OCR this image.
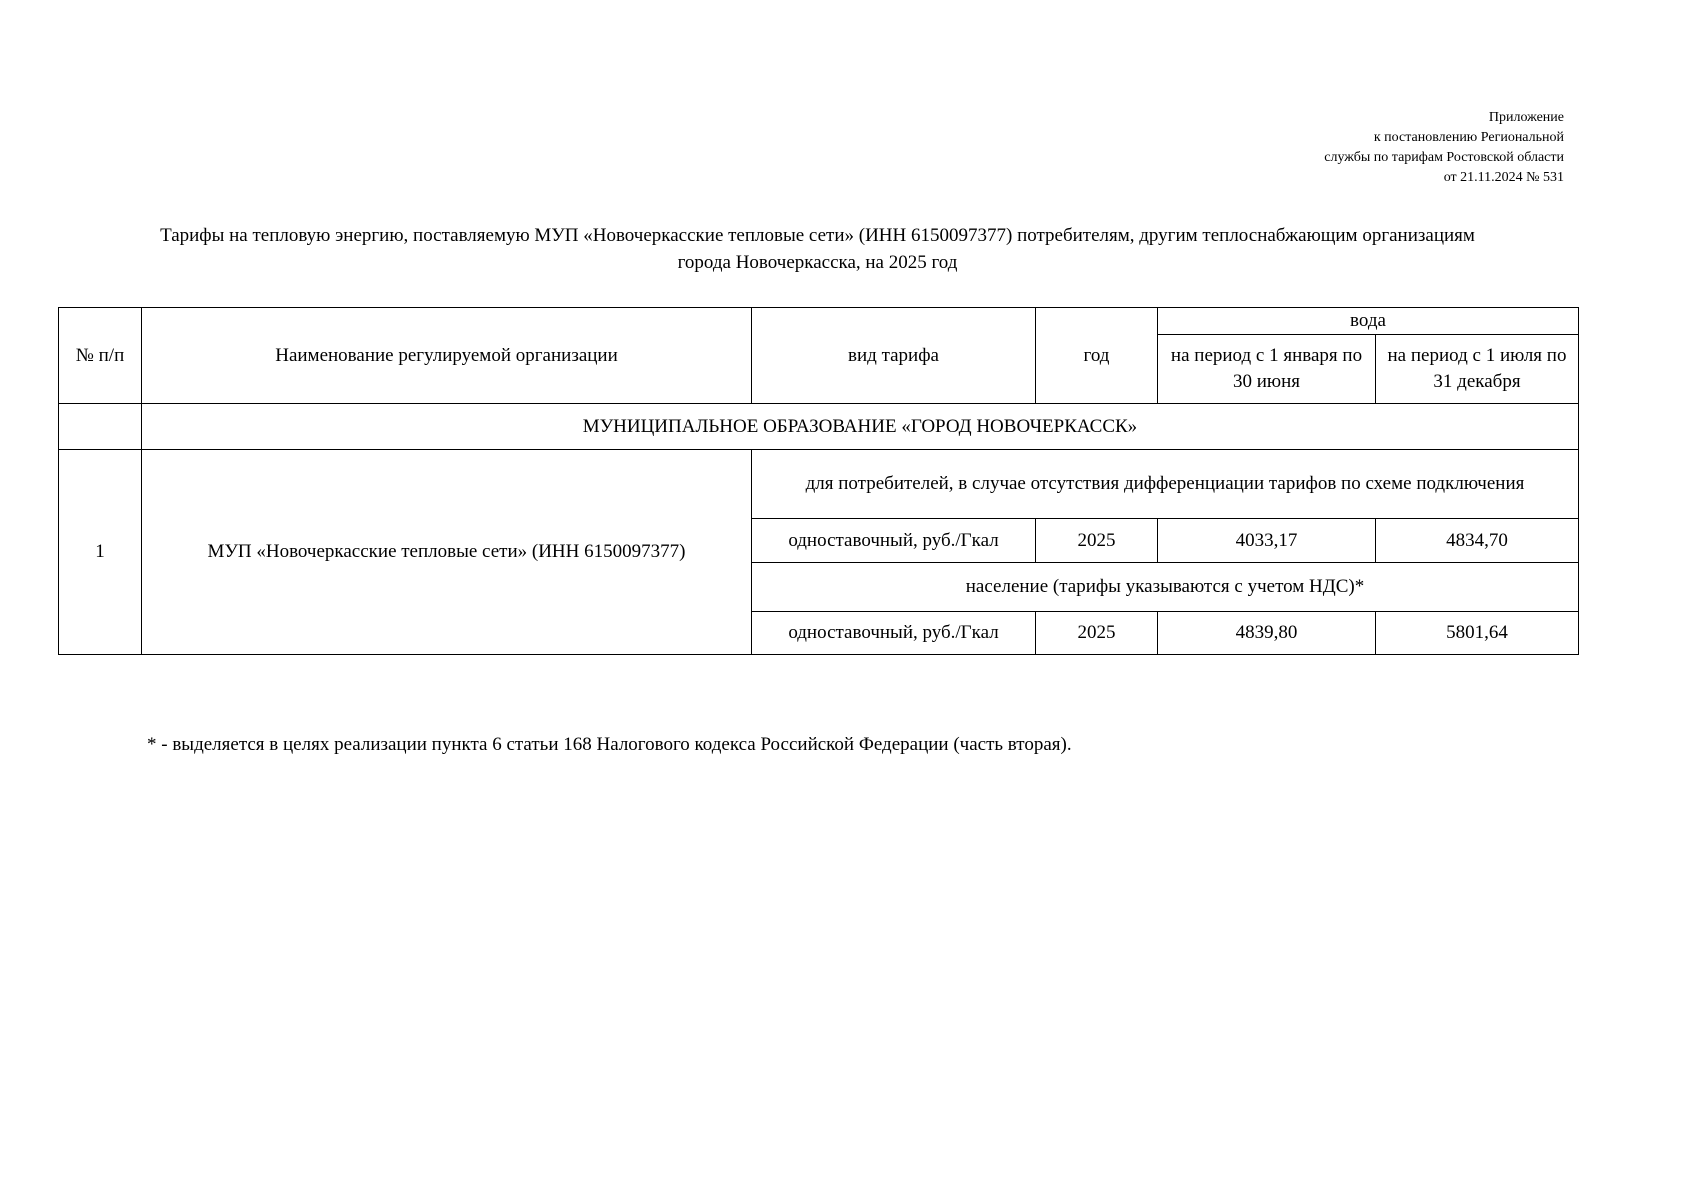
Приложение
к постановлению Региональной
службы по тарифам Ростовской области
от 21.11.2024 № 531
Тарифы на тепловую энергию, поставляемую МУП «Новочеркасские тепловые сети» (ИНН 6150097377) потребителям, другим теплоснабжающим организациям
города Новочеркасска, на 2025 год
№ п/п	Наименование регулируемой организации	вид тарифа	год	вода	
				на период с 1 января по 30 июня	на период с 1 июля по 31 декабря
	МУНИЦИПАЛЬНОЕ ОБРАЗОВАНИЕ «ГОРОД НОВОЧЕРКАССК»				
1	МУП «Новочеркасские тепловые сети» (ИНН 6150097377)	для потребителей, в случае отсутствия дифференциации тарифов по схеме подключения			
		одноставочный, руб./Гкал	2025	4033,17	4834,70
		население (тарифы указываются с учетом НДС)*			
		одноставочный, руб./Гкал	2025	4839,80	5801,64
* - выделяется в целях реализации пункта 6 статьи 168 Налогового кодекса Российской Федерации (часть вторая).
